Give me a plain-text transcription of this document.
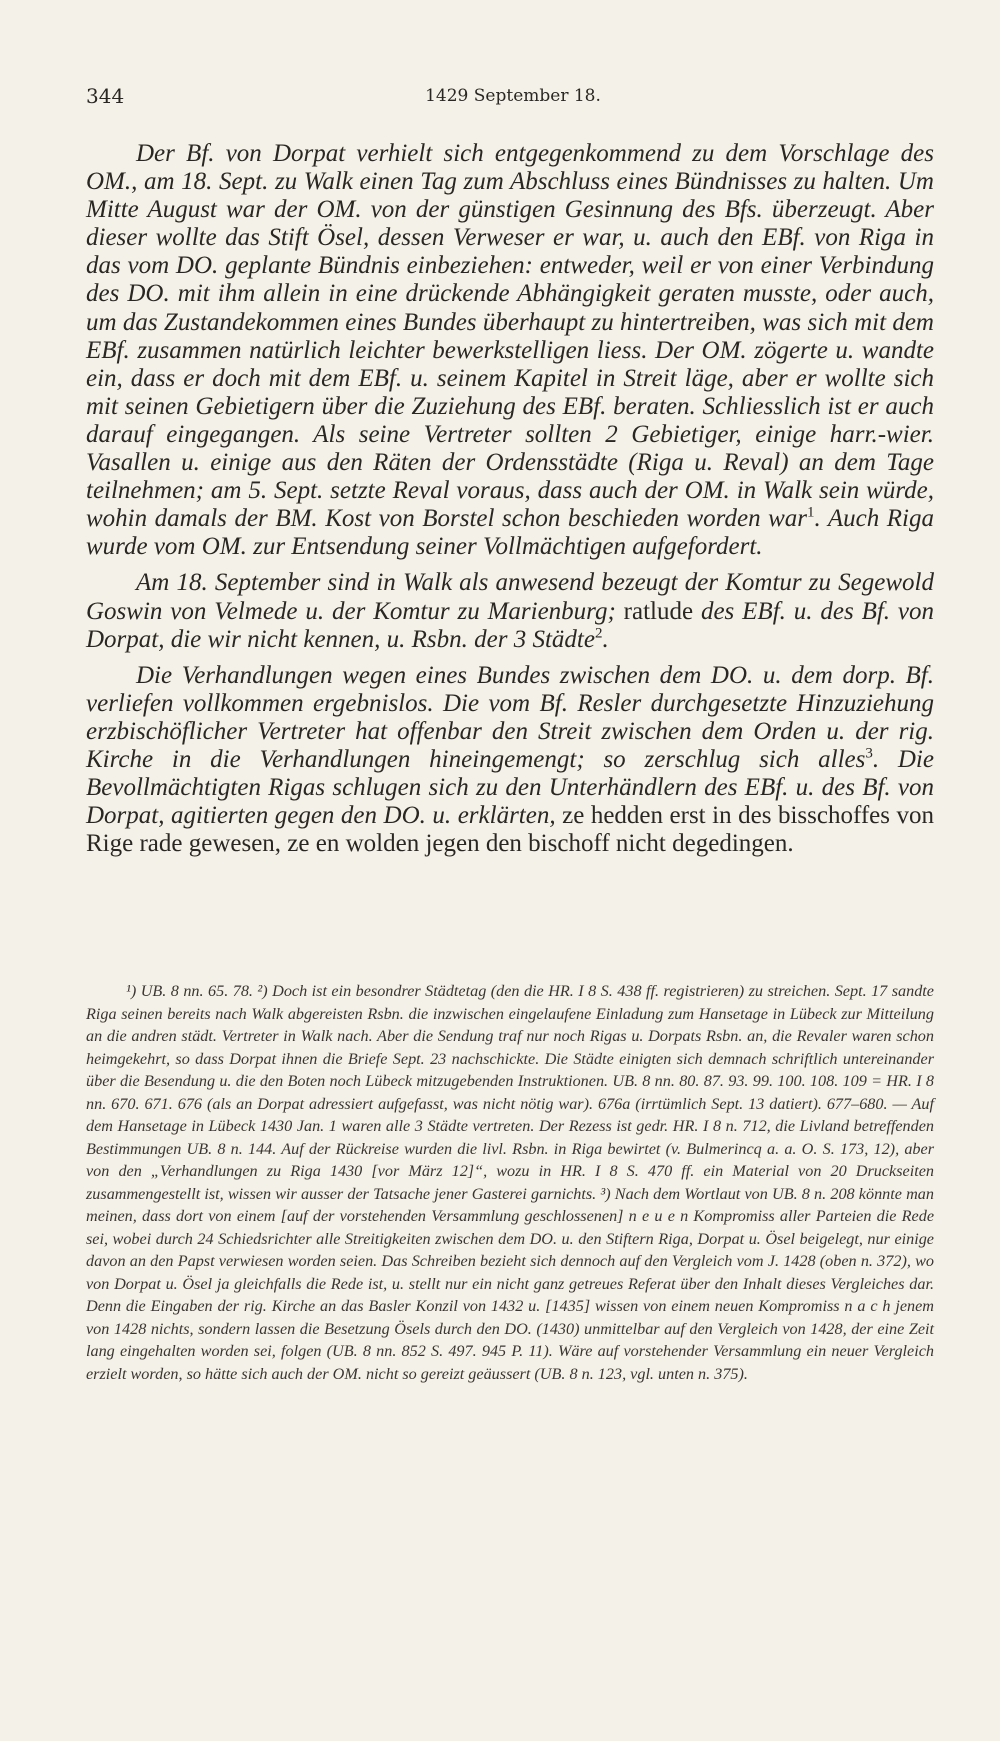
344	1429 September 18.

Der Bf. von Dorpat verhielt sich entgegenkommend zu dem Vorschlage des OM., am 18. Sept. zu Walk einen Tag zum Abschluss eines Bündnisses zu halten. Um Mitte August war der OM. von der günstigen Gesinnung des Bfs. überzeugt. Aber dieser wollte das Stift Ösel, dessen Verweser er war, u. auch den EBf. von Riga in das vom DO. geplante Bündnis einbeziehen: entweder, weil er von einer Verbindung des DO. mit ihm allein in eine drückende Abhängigkeit geraten musste, oder auch, um das Zustandekommen eines Bundes überhaupt zu hintertreiben, was sich mit dem EBf. zusammen natürlich leichter bewerkstelligen liess. Der OM. zögerte u. wandte ein, dass er doch mit dem EBf. u. seinem Kapitel in Streit läge, aber er wollte sich mit seinen Gebietigern über die Zuziehung des EBf. beraten. Schliesslich ist er auch darauf eingegangen. Als seine Vertreter sollten 2 Gebietiger, einige harr.-wier. Vasallen u. einige aus den Räten der Ordensstädte (Riga u. Reval) an dem Tage teilnehmen; am 5. Sept. setzte Reval voraus, dass auch der OM. in Walk sein würde, wohin damals der BM. Kost von Borstel schon beschieden worden war$^1$. Auch Riga wurde vom OM. zur Entsendung seiner Vollmächtigen aufgefordert.

Am 18. September sind in Walk als anwesend bezeugt der Komtur zu Segewold Goswin von Velmede u. der Komtur zu Marienburg; ratlude des EBf. u. des Bf. von Dorpat, die wir nicht kennen, u. Rsbn. der 3 Städte$^2$.

Die Verhandlungen wegen eines Bundes zwischen dem DO. u. dem dorp. Bf. verliefen vollkommen ergebnislos. Die vom Bf. Resler durchgesetzte Hinzuziehung erzbischöflicher Vertreter hat offenbar den Streit zwischen dem Orden u. der rig. Kirche in die Verhandlungen hineingemengt; so zerschlug sich alles$^3$. Die Bevollmächtigten Rigas schlugen sich zu den Unterhändlern des EBf. u. des Bf. von Dorpat, agitierten gegen den DO. u. erklärten, ze hedden erst in des bisschoffes von Rige rade gewesen, ze en wolden jegen den bischoff nicht degedingen.

¹) UB. 8 nn. 65. 78. ²) Doch ist ein besondrer Städtetag (den die HR. I 8 S. 438 ff. registrieren) zu streichen. Sept. 17 sandte Riga seinen bereits nach Walk abgereisten Rsbn. die inzwischen eingelaufene Einladung zum Hansetage in Lübeck zur Mitteilung an die andren städt. Vertreter in Walk nach. Aber die Sendung traf nur noch Rigas u. Dorpats Rsbn. an, die Revaler waren schon heimgekehrt, so dass Dorpat ihnen die Briefe Sept. 23 nachschickte. Die Städte einigten sich demnach schriftlich untereinander über die Besendung u. die den Boten noch Lübeck mitzugebenden Instruktionen. UB. 8 nn. 80. 87. 93. 99. 100. 108. 109 = HR. I 8 nn. 670. 671. 676 (als an Dorpat adressiert aufgefasst, was nicht nötig war). 676a (irrtümlich Sept. 13 datiert). 677–680. — Auf dem Hansetage in Lübeck 1430 Jan. 1 waren alle 3 Städte vertreten. Der Rezess ist gedr. HR. I 8 n. 712, die Livland betreffenden Bestimmungen UB. 8 n. 144. Auf der Rückreise wurden die livl. Rsbn. in Riga bewirtet (v. Bulmerincq a. a. O. S. 173, 12), aber von den „Verhandlungen zu Riga 1430 [vor März 12]“, wozu in HR. I 8 S. 470 ff. ein Material von 20 Druckseiten zusammengestellt ist, wissen wir ausser der Tatsache jener Gasterei garnichts. ³) Nach dem Wortlaut von UB. 8 n. 208 könnte man meinen, dass dort von einem [auf der vorstehenden Versammlung geschlossenen] n e u e n Kompromiss aller Parteien die Rede sei, wobei durch 24 Schiedsrichter alle Streitigkeiten zwischen dem DO. u. den Stiftern Riga, Dorpat u. Ösel beigelegt, nur einige davon an den Papst verwiesen worden seien. Das Schreiben bezieht sich dennoch auf den Vergleich vom J. 1428 (oben n. 372), wo von Dorpat u. Ösel ja gleichfalls die Rede ist, u. stellt nur ein nicht ganz getreues Referat über den Inhalt dieses Vergleiches dar. Denn die Eingaben der rig. Kirche an das Basler Konzil von 1432 u. [1435] wissen von einem neuen Kompromiss n a c h jenem von 1428 nichts, sondern lassen die Besetzung Ösels durch den DO. (1430) unmittelbar auf den Vergleich von 1428, der eine Zeit lang eingehalten worden sei, folgen (UB. 8 nn. 852 S. 497. 945 P. 11). Wäre auf vorstehender Versammlung ein neuer Vergleich erzielt worden, so hätte sich auch der OM. nicht so gereizt geäussert (UB. 8 n. 123, vgl. unten n. 375).
